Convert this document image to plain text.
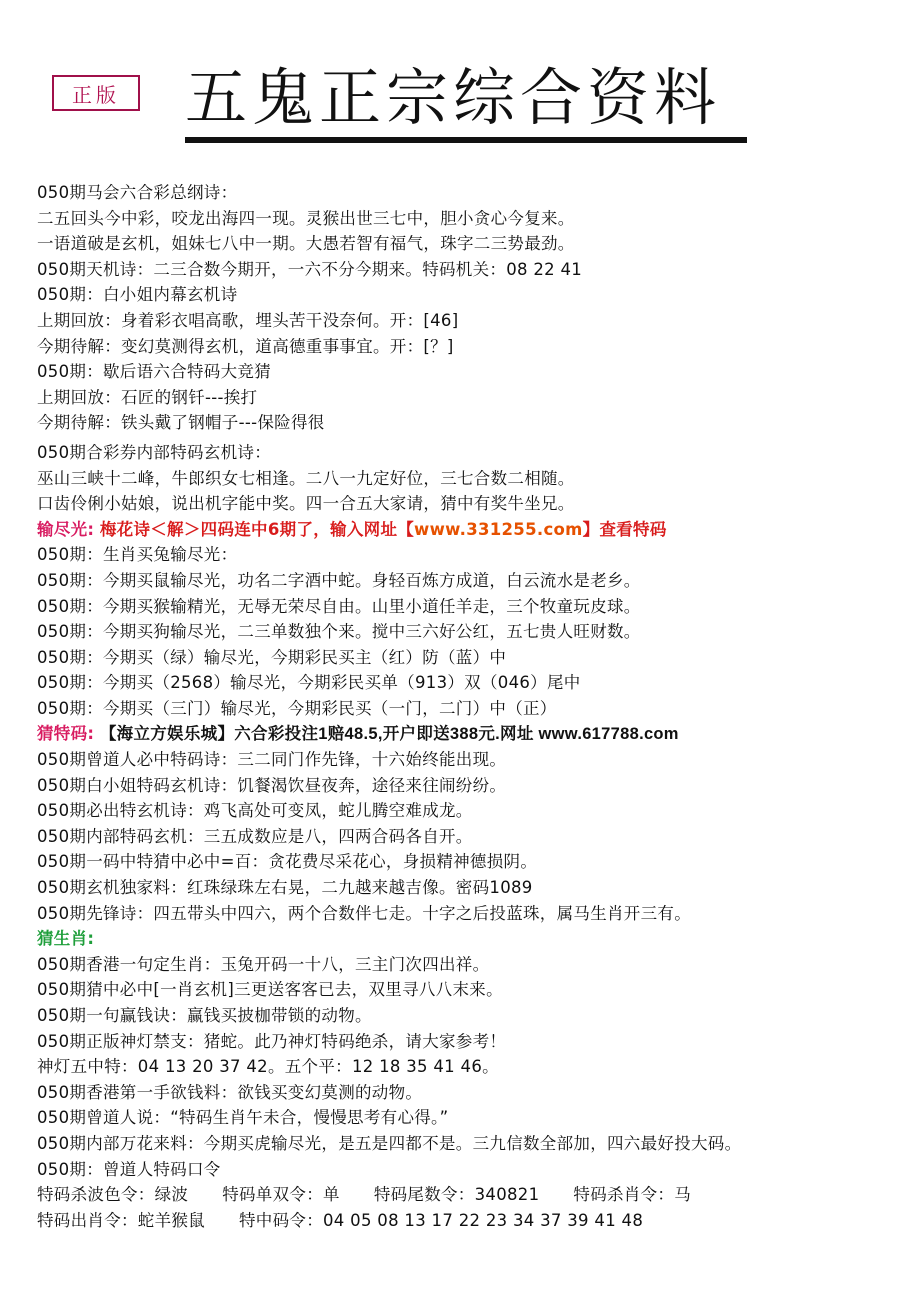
正版	五鬼正宗综合资料
050期马会六合彩总纲诗：
二五回头今中彩，咬龙出海四一现。灵猴出世三七中，胆小贪心今复来。
一语道破是玄机，姐妹七八中一期。大愚若智有福气，珠字二三势最劲。
050期天机诗：二三合数今期开，一六不分今期来。特码机关：08 22 41
050期：白小姐内幕玄机诗
上期回放：身着彩衣唱高歌，埋头苦干没奈何。开：[46]
今期待解：变幻莫测得玄机，道高德重事事宜。开：[？]
050期：歇后语六合特码大竞猜
上期回放：石匠的钢钎---挨打
今期待解：铁头戴了钢帽子---保险得很
050期合彩券内部特码玄机诗：
巫山三峡十二峰，牛郎织女七相逢。二八一九定好位，三七合数二相随。
口齿伶俐小姑娘，说出机字能中奖。四一合五大家请，猜中有奖牛坐兄。
输尽光: 梅花诗＜解＞四码连中6期了，输入网址【www.331255.com】查看特码
050期：生肖买兔输尽光：
050期：今期买鼠输尽光，功名二字酒中蛇。身轻百炼方成道，白云流水是老乡。
050期：今期买猴输精光，无辱无荣尽自由。山里小道任羊走，三个牧童玩皮球。
050期：今期买狗输尽光，二三单数独个来。搅中三六好公红，五七贵人旺财数。
050期：今期买（绿）输尽光，今期彩民买主（红）防（蓝）中
050期：今期买（2568）输尽光，今期彩民买单（913）双（046）尾中
050期：今期买（三门）输尽光，今期彩民买（一门，二门）中（正）
猜特码: 【海立方娱乐城】六合彩投注1赔48.5,开户即送388元.网址 www.617788.com
050期曾道人必中特码诗：三二同门作先锋，十六始终能出现。
050期白小姐特码玄机诗：饥餐渴饮昼夜奔，途径来往闹纷纷。
050期必出特玄机诗：鸡飞高处可变凤，蛇儿腾空难成龙。
050期内部特码玄机：三五成数应是八，四两合码各自开。
050期一码中特猜中必中=百：贪花费尽采花心，身损精神德损阴。
050期玄机独家料：红珠绿珠左右晃，二九越来越吉像。密码1089
050期先锋诗：四五带头中四六，两个合数伴七走。十字之后投蓝珠，属马生肖开三有。
猜生肖:
050期香港一句定生肖：玉兔开码一十八，三主门次四出祥。
050期猜中必中[一肖玄机]三更送客客已去，双里寻八八末来。
050期一句赢钱诀：赢钱买披枷带锁的动物。
050期正版神灯禁支：猪蛇。此乃神灯特码绝杀，请大家参考！
神灯五中特：04 13 20 37 42。五个平：12 18 35 41 46。
050期香港第一手欲钱料：欲钱买变幻莫测的动物。
050期曾道人说：“特码生肖午未合，慢慢思考有心得。”
050期内部万花来料：今期买虎输尽光，是五是四都不是。三九信数全部加，四六最好投大码。
050期：曾道人特码口令
特码杀波色令：绿波 特码单双令：单 特码尾数令：340821 特码杀肖令：马
特码出肖令：蛇羊猴鼠 特中码令：04 05 08 13 17 22 23 34 37 39 41 48
